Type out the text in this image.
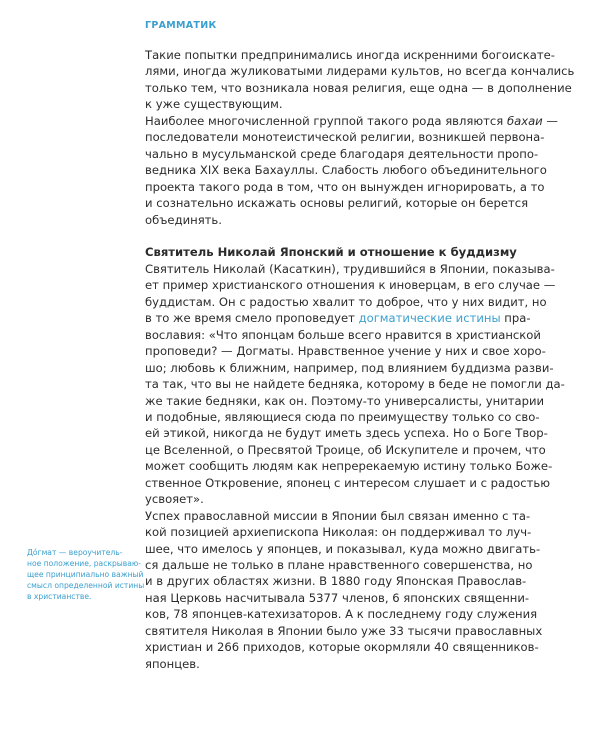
ГРАММАТИК
Такие попытки предпринимались иногда искренними богоискате-
лями, иногда жуликоватыми лидерами культов, но всегда кончались
только тем, что возникала новая религия, еще одна — в дополнение
к уже существующим.
Наиболее многочисленной группой такого рода являются бахаи —
последователи монотеистической религии, возникшей первона-
чально в мусульманской среде благодаря деятельности пропо-
ведника XIX века Бахауллы. Слабость любого объединительного
проекта такого рода в том, что он вынужден игнорировать, а то
и сознательно искажать основы религий, которые он берется
объединять.
Святитель Николай Японский и отношение к буддизму
Святитель Николай (Касаткин), трудившийся в Японии, показыва-
ет пример христианского отношения к иноверцам, в его случае —
буддистам. Он с радостью хвалит то доброе, что у них видит, но
в то же время смело проповедует догматические истины пра-
вославия: «Что японцам больше всего нравится в христианской
проповеди? — Догматы. Нравственное учение у них и свое хоро-
шо; любовь к ближним, например, под влиянием буддизма разви-
та так, что вы не найдете бедняка, которому в беде не помогли да-
же такие бедняки, как он. Поэтому-то универсалисты, унитарии
и подобные, являющиеся сюда по преимуществу только со сво-
ей этикой, никогда не будут иметь здесь успеха. Но о Боге Твор-
це Вселенной, о Пресвятой Троице, об Искупителе и прочем, что
может сообщить людям как непререкаемую истину только Боже-
ственное Откровение, японец с интересом слушает и с радостью
усвояет».
Успех православной миссии в Японии был связан именно с та-
кой позицией архиепископа Николая: он поддерживал то луч-
шее, что имелось у японцев, и показывал, куда можно двигать-
ся дальше не только в плане нравственного совершенства, но
и в других областях жизни. В 1880 году Японская Православ-
ная Церковь насчитывала 5377 членов, 6 японских священни-
ков, 78 японцев-катехизаторов. А к последнему году служения
святителя Николая в Японии было уже 33 тысячи православных
христиан и 266 приходов, которые окормляли 40 священников-
японцев.
Дóгмат — вероучитель-
ное положение, раскрываю-
щее принципиально важный
смысл определенной истины
в христианстве.
